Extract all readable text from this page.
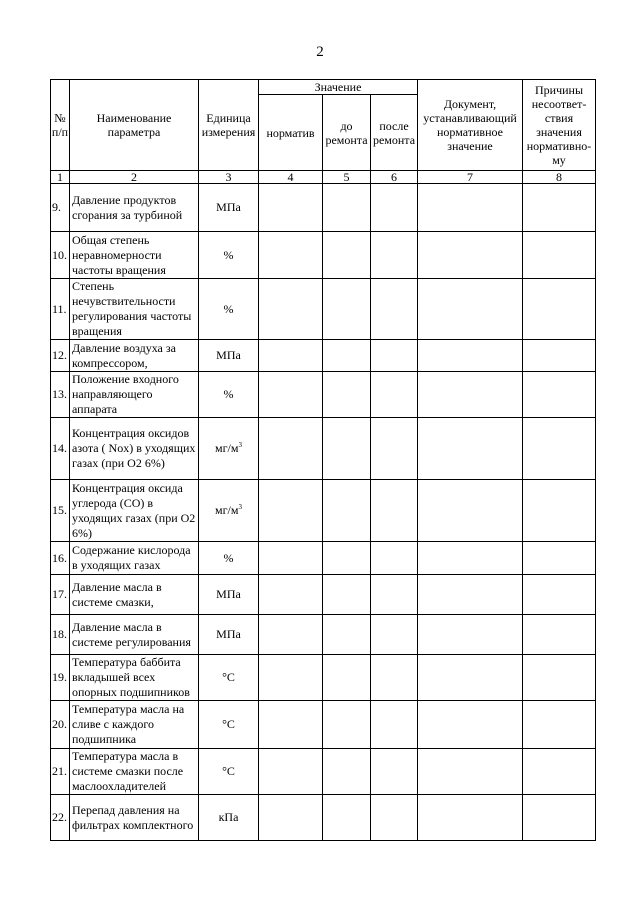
2
№ п/п	Наименование параметра	Единица измерения	Значение			Документ, устанавливающий нормативное значение	Причины несоответ-ствия значения нормативно-му
			норматив	до ремонта	после ремонта		
1	2	3	4	5	6	7	8
9.	Давление продуктов сгорания за турбиной	МПа					
10.	Общая степень неравномерности частоты вращения	%					
11.	Степень нечувствительности регулирования частоты вращения	%					
12.	Давление воздуха за компрессором,	МПа					
13.	Положение входного направляющего аппарата	%					
14.	Концентрация оксидов азота ( Nox) в уходящих газах (при О2 6%)	$мг/м^3$					
15.	Концентрация оксида углерода (СО) в уходящих газах (при О2 6%)	$мг/м^3$					
16.	Содержание кислорода в уходящих газах	%					
17.	Давление масла в системе смазки,	МПа					
18.	Давление масла в системе регулирования	МПа					
19.	Температура баббита вкладышей всех опорных подшипников	°С					
20.	Температура масла на сливе с каждого подшипника	°С					
21.	Температура масла в системе смазки после маслоохладителей	°С					
22.	Перепад давления на фильтрах комплектного	кПа					
